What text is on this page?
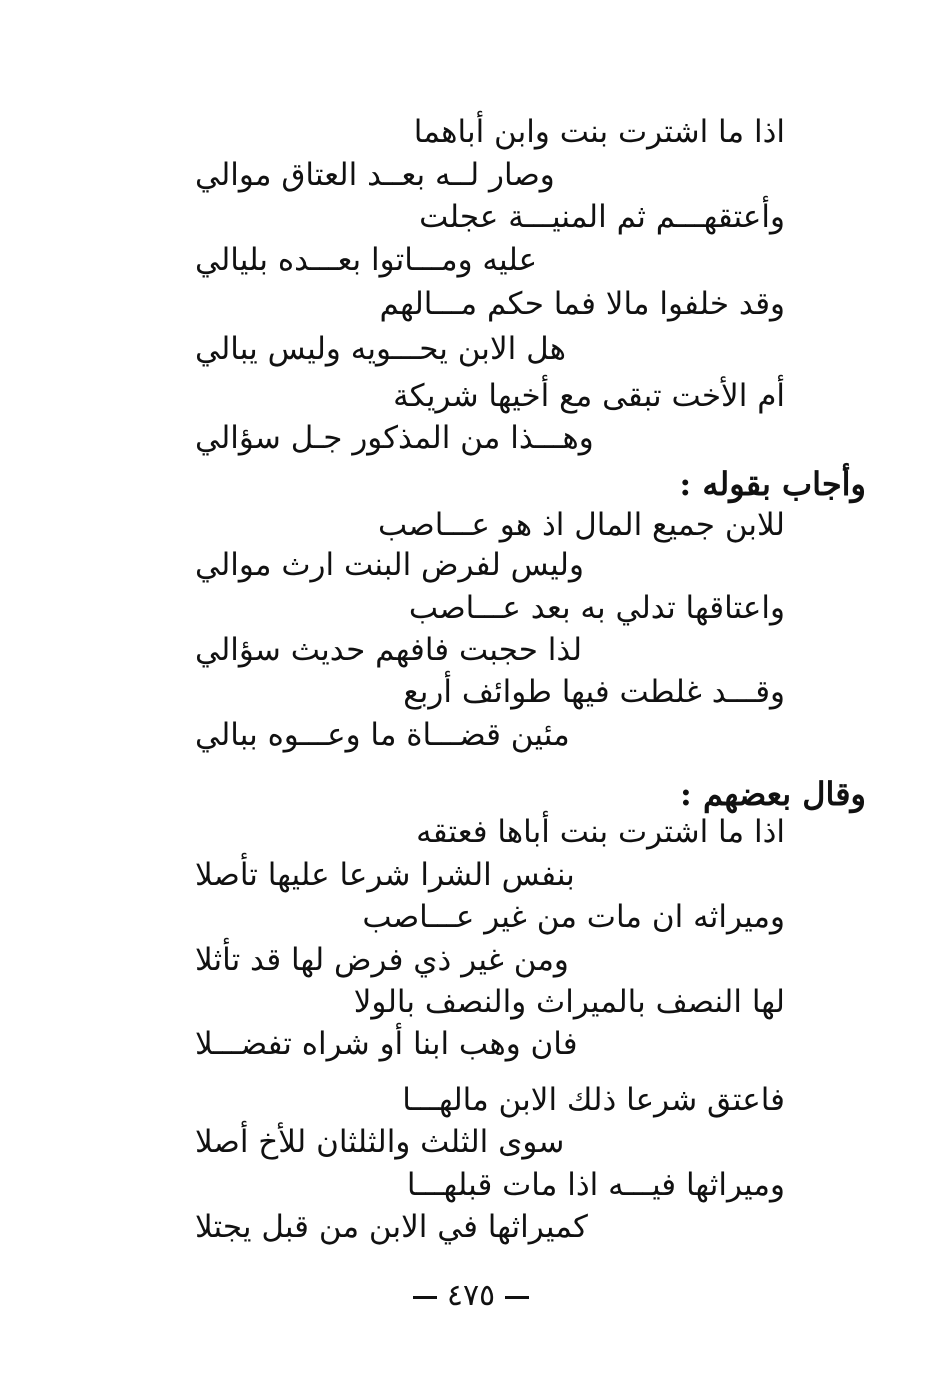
اذا ما اشترت بنت وابن أباهما
وصار لــه بعــد العتاق موالي
وأعتقهـــم ثم المنيـــة عجلت
عليه ومـــاتوا بعـــده بليالي
وقد خلفوا مالا فما حكم مـــالهم
هل الابن يحـــويه وليس يبالي
أم الأخت تبقى مع أخيها شريكة
وهـــذا من المذكور جـل سؤالي
وأجاب بقوله :
للابن جميع المال اذ هو عـــاصب
وليس لفرض البنت ارث موالي
واعتاقها تدلي به بعد عـــاصب
لذا حجبت فافهم حديث سؤالي
وقـــد غلطت فيها طوائف أربع
مئين قضـــاة ما وعـــوه ببالي
وقال بعضهم :
اذا ما اشترت بنت أباها فعتقه
بنفس الشرا شرعا عليها تأصلا
وميراثه ان مات من غير عـــاصب
ومن غير ذي فرض لها قد تأثلا
لها النصف بالميراث والنصف بالولا
فان وهب ابنا أو شراه تفضـــلا
فاعتق شرعا ذلك الابن مالهـــا
سوى الثلث والثلثان للأخ أصلا
وميراثها فيـــه اذا مات قبلهـــا
كميراثها في الابن من قبل يجتلا
٤٧٥
